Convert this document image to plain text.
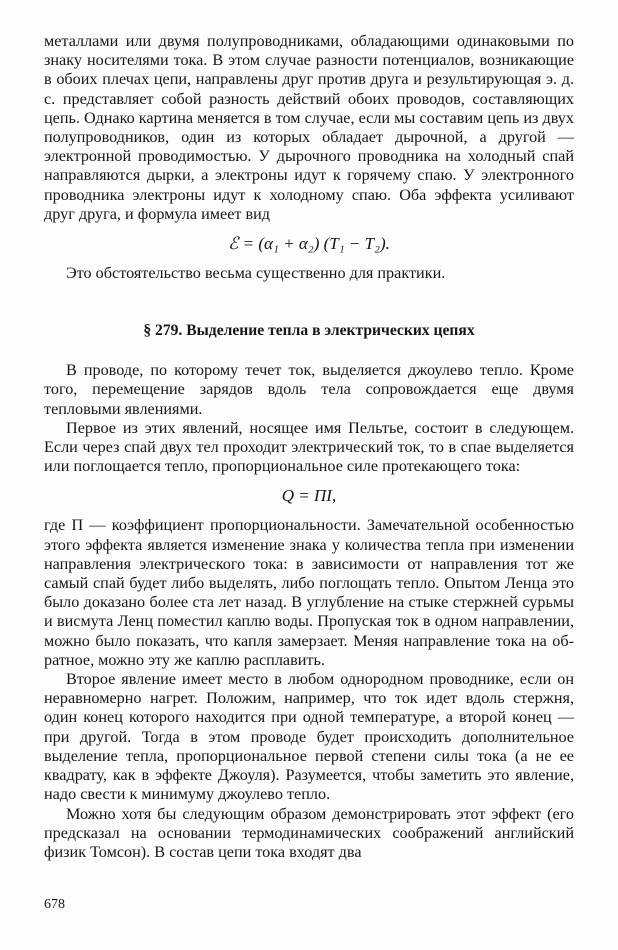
металлами или двумя полупроводниками, обладающими одинаковыми по знаку носителями тока. В этом случае разности потенциалов, возникающие в обоих плечах цепи, направлены друг против друга и результирующая э. д. с. представляет собой разность действий обоих проводов, составляющих цепь. Однако картина меняется в том случае, если мы составим цепь из двух полупроводников, один из которых обладает дырочной, а другой — электронной проводимостью. У дырочного проводника на холодный спай направляются дырки, а электроны идут к горячему спаю. У электронного проводника электроны идут к холодному спаю. Оба эффекта усиливают друг друга, и формула имеет вид

ℰ = (α₁ + α₂) (T₁ − T₂).

Это обстоятельство весьма существенно для практики.

§ 279. Выделение тепла в электрических цепях

В проводе, по которому течет ток, выделяется джоулево тепло. Кроме того, перемещение зарядов вдоль тела сопровождается еще двумя тепловыми явлениями.

Первое из этих явлений, носящее имя Пельтье, состоит в следующем. Если через спай двух тел проходит электрический ток, то в спае выделяется или поглощается тепло, пропорциональное силе протекающего тока:

Q = ΠI,

где Π — коэффициент пропорциональности. Замечательной особенностью этого эффекта является изменение знака у количества тепла при изменении направления электрического тока: в зависимости от направления тот же самый спай будет либо выделять, либо поглощать тепло. Опытом Ленца это было доказано более ста лет назад. В углубление на стыке стержней сурьмы и висмута Ленц поместил каплю воды. Пропуская ток в одном направлении, можно было показать, что капля замерзает. Меняя направление тока на обратное, можно эту же каплю расплавить.

Второе явление имеет место в любом однородном проводнике, если он неравномерно нагрет. Положим, например, что ток идет вдоль стержня, один конец которого находится при одной температуре, а второй конец — при другой. Тогда в этом проводе будет происходить дополнительное выделение тепла, пропорциональное первой степени силы тока (а не ее квадрату, как в эффекте Джоуля). Разумеется, чтобы заметить это явление, надо свести к минимуму джоулево тепло.

Можно хотя бы следующим образом демонстрировать этот эффект (его предсказал на основании термодинамических соображений английский физик Томсон). В состав цепи тока входят два

678
